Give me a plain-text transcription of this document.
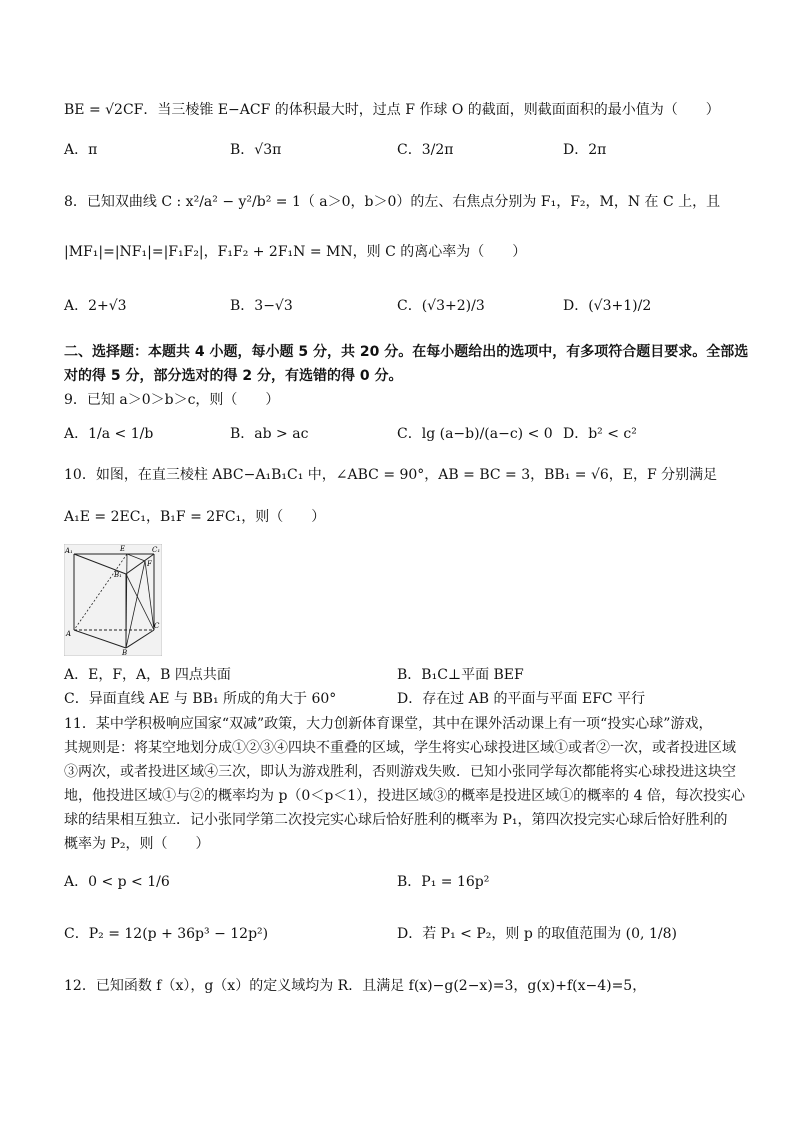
BE = √2CF．当三棱锥 E−ACF 的体积最大时，过点 F 作球 O 的截面，则截面面积的最小值为（　　）
A．π	B．√3π	C．3/2π	D．2π
8．已知双曲线 C : x²/a² − y²/b² = 1（ a＞0，b＞0）的左、右焦点分别为 F₁，F₂，M，N 在 C 上，且
|MF₁|=|NF₁|=|F₁F₂|，F₁F₂ + 2F₁N = MN，则 C 的离心率为（　　）
A．2+√3	B．3−√3	C．(√3+2)/3	D．(√3+1)/2
二、选择题：本题共 4 小题，每小题 5 分，共 20 分。在每小题给出的选项中，有多项符合题目要求。全部选
对的得 5 分，部分选对的得 2 分，有选错的得 0 分。
9．已知 a＞0＞b＞c，则（　　）
A．1/a < 1/b	B．ab > ac	C．lg (a−b)/(a−c) < 0 D．b² < c²
10．如图，在直三棱柱 ABC−A₁B₁C₁ 中，∠ABC = 90°，AB = BC = 3，BB₁ = √6，E，F 分别满足
A₁E = 2EC₁，B₁F = 2FC₁，则（　　）
A₁	E	C₁
B₁
F
A
B
C
A．E，F，A，B 四点共面	B．B₁C⊥平面 BEF
C．异面直线 AE 与 BB₁ 所成的角大于 60°	D．存在过 AB 的平面与平面 EFC 平行
11．某中学积极响应国家“双减”政策，大力创新体育课堂，其中在课外活动课上有一项“投实心球”游戏，
其规则是：将某空地划分成①②③④四块不重叠的区域，学生将实心球投进区域①或者②一次，或者投进区域
③两次，或者投进区域④三次，即认为游戏胜利，否则游戏失败．已知小张同学每次都能将实心球投进这块空
地，他投进区域①与②的概率均为 p（0＜p＜1），投进区域③的概率是投进区域①的概率的 4 倍，每次投实心
球的结果相互独立．记小张同学第二次投完实心球后恰好胜利的概率为 P₁，第四次投完实心球后恰好胜利的
概率为 P₂，则（　　）
A．0 < p < 1/6	B．P₁ = 16p²
C．P₂ = 12(p + 36p³ − 12p²)	D．若 P₁ < P₂，则 p 的取值范围为 (0, 1/8)
12．已知函数 f（x），g（x）的定义域均为 R．且满足 f(x)−g(2−x)=3，g(x)+f(x−4)=5，
